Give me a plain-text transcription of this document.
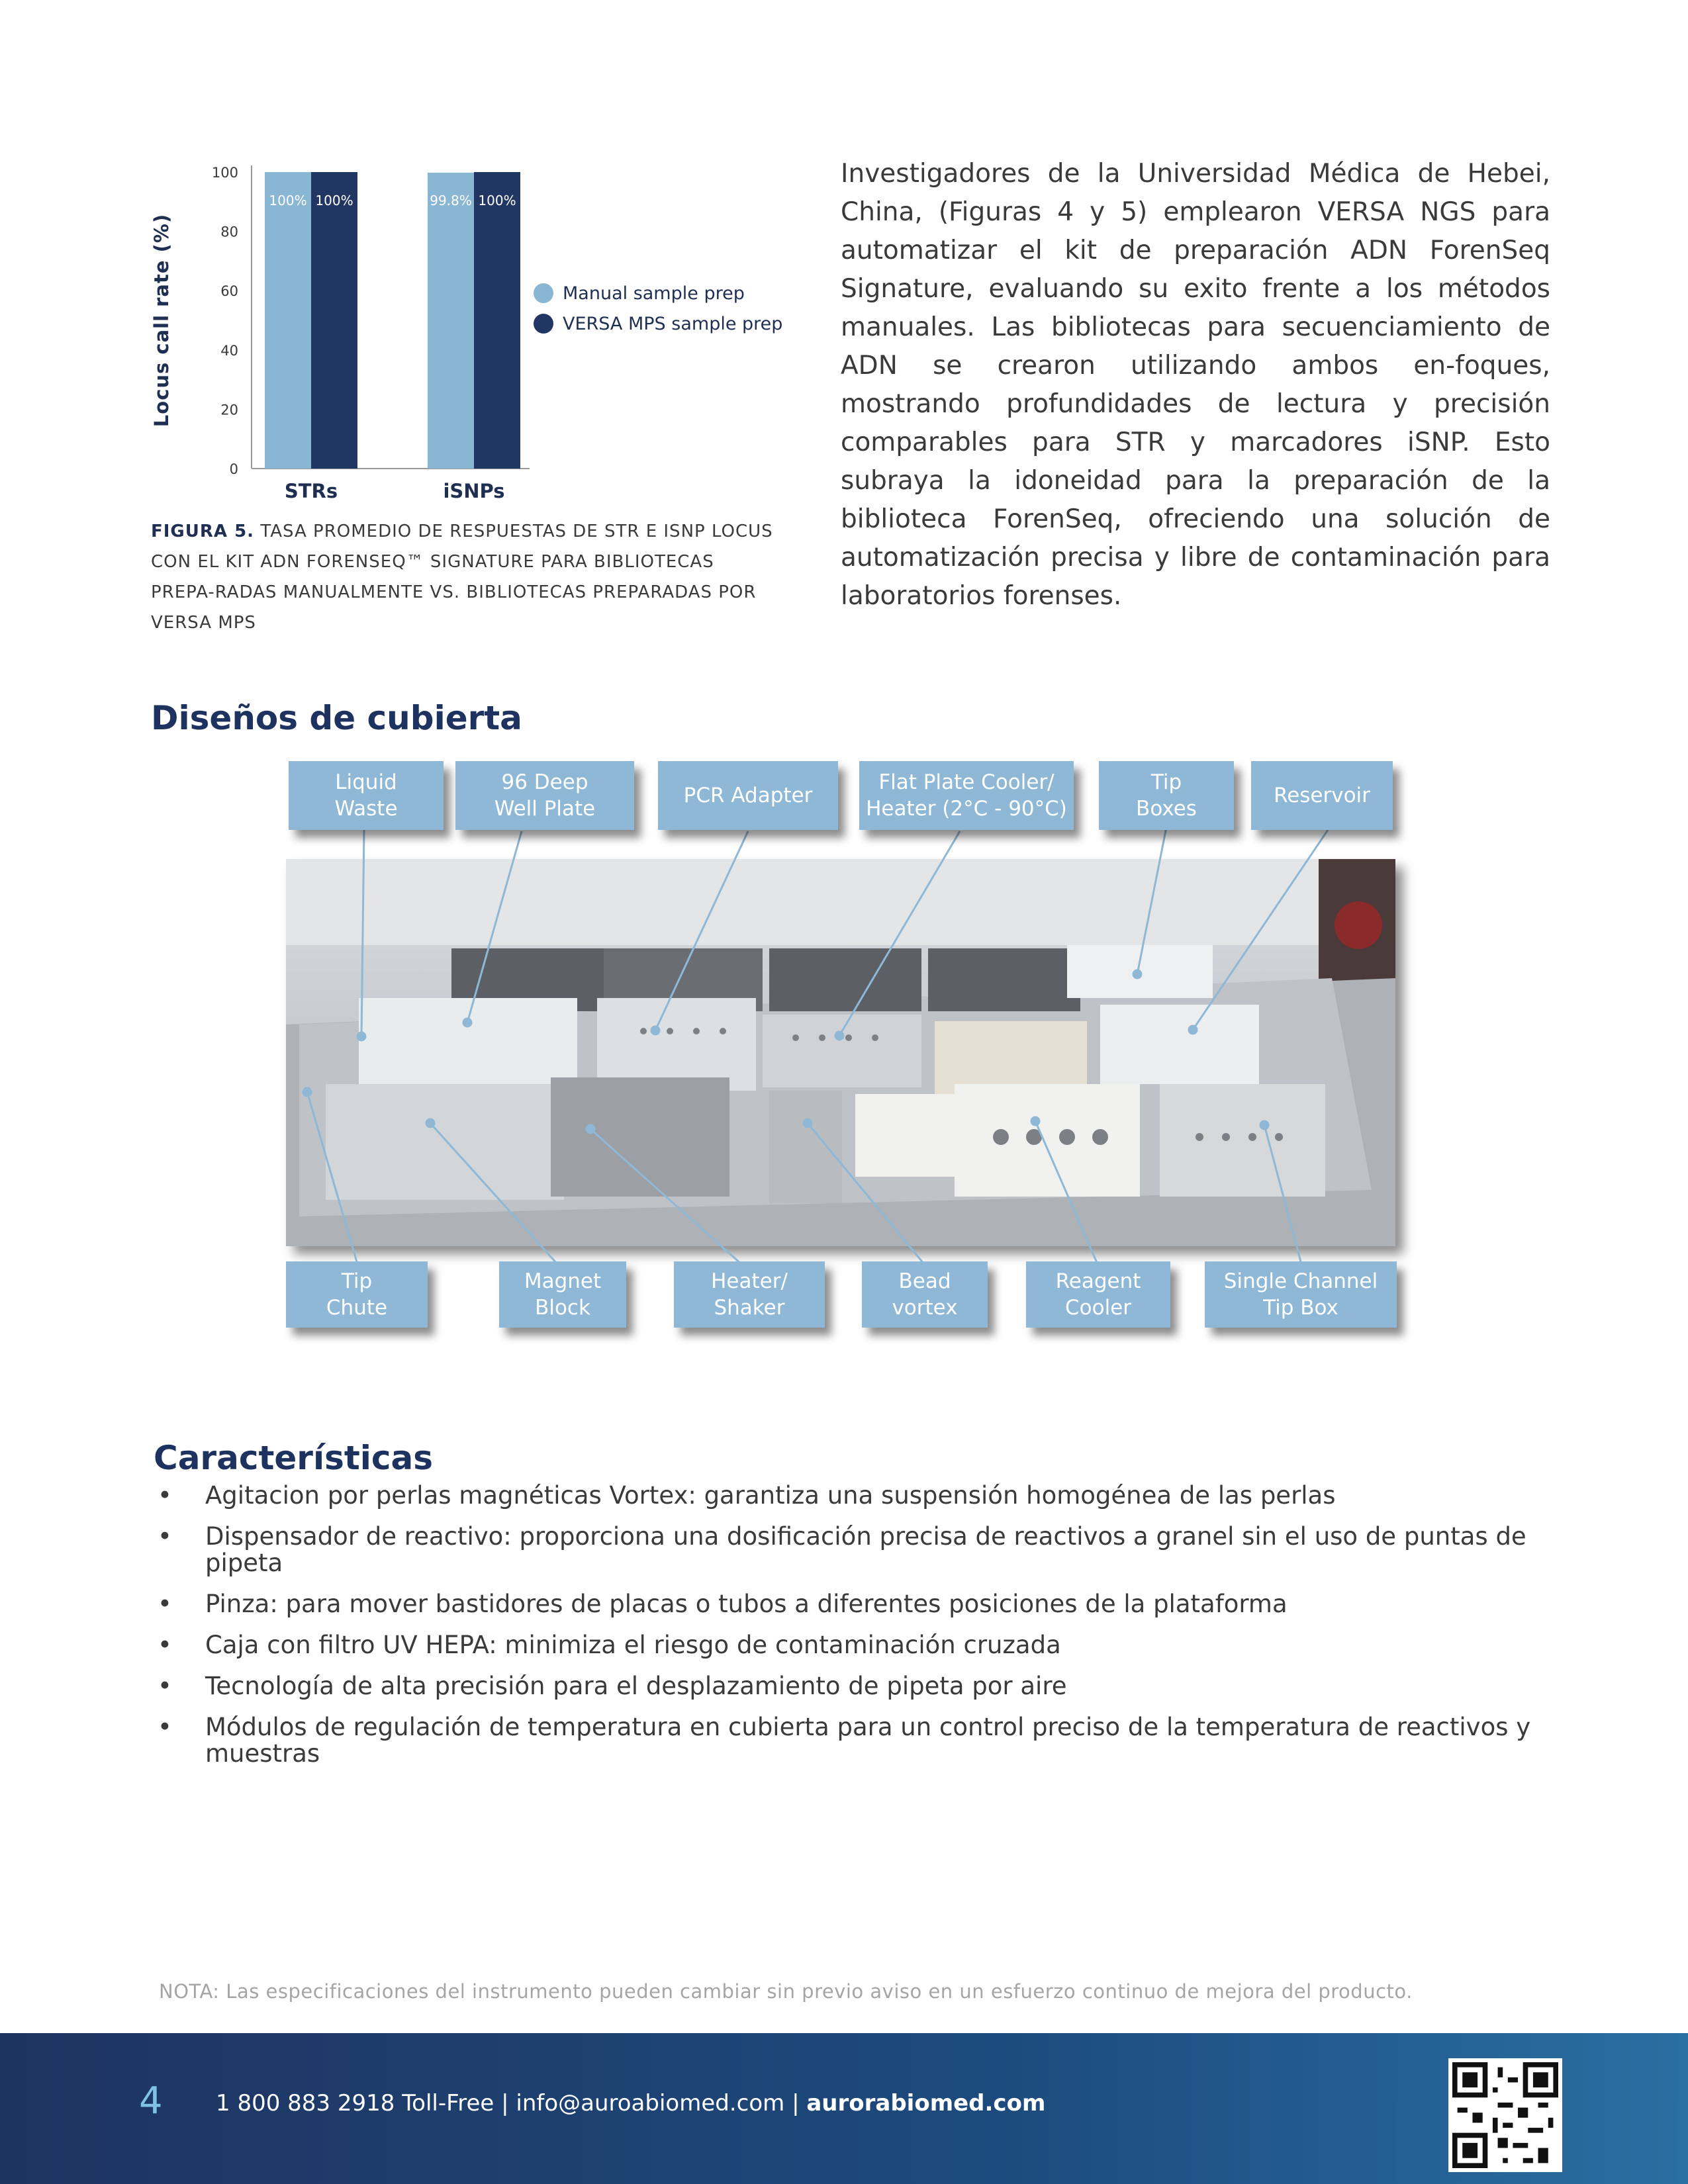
0
20
40
60
80
100
Locus call rate (%)
100% 100%
STRs
99.8% 100%
iSNPs
Manual sample prep
VERSA MPS sample prep
FIGURA 5. TASA PROMEDIO DE RESPUESTAS DE STR E ISNP LOCUS CON EL KIT ADN FORENSEQ™ SIGNATURE PARA BIBLIOTECAS PREPA-RADAS MANUALMENTE VS. BIBLIOTECAS PREPARADAS POR VERSA MPS
Investigadores de la Universidad Médica de Hebei, China, (Figuras 4 y 5) emplearon VERSA NGS para automatizar el kit de preparación ADN ForenSeq Signature, evaluando su exito frente a los métodos manuales. Las bibliotecas para secuenciamiento de ADN se crearon utilizando ambos en-foques, mostrando profundidades de lectura y precisión comparables para STR y marcadores iSNP. Esto subraya la idoneidad para la preparación de la biblioteca ForenSeq, ofreciendo una solución de automatización precisa y libre de contaminación para laboratorios forenses.
Diseños de cubierta
Liquid
Waste
96 Deep
Well Plate
PCR Adapter
Flat Plate Cooler/
Heater (2°C - 90°C)
Tip
Boxes
Reservoir
Tip
Chute
Magnet
Block
Heater/
Shaker
Bead
vortex
Reagent
Cooler
Single Channel
Tip Box
Características
• Agitacion por perlas magnéticas Vortex: garantiza una suspensión homogénea de las perlas
• Dispensador de reactivo: proporciona una dosificación precisa de reactivos a granel sin el uso de puntas de pipeta
• Pinza: para mover bastidores de placas o tubos a diferentes posiciones de la plataforma
• Caja con filtro UV HEPA: minimiza el riesgo de contaminación cruzada
• Tecnología de alta precisión para el desplazamiento de pipeta por aire
• Módulos de regulación de temperatura en cubierta para un control preciso de la temperatura de reactivos y muestras
NOTA: Las especificaciones del instrumento pueden cambiar sin previo aviso en un esfuerzo continuo de mejora del producto.
4 1 800 883 2918 Toll-Free | info@auroabiomed.com | aurorabiomed.com
